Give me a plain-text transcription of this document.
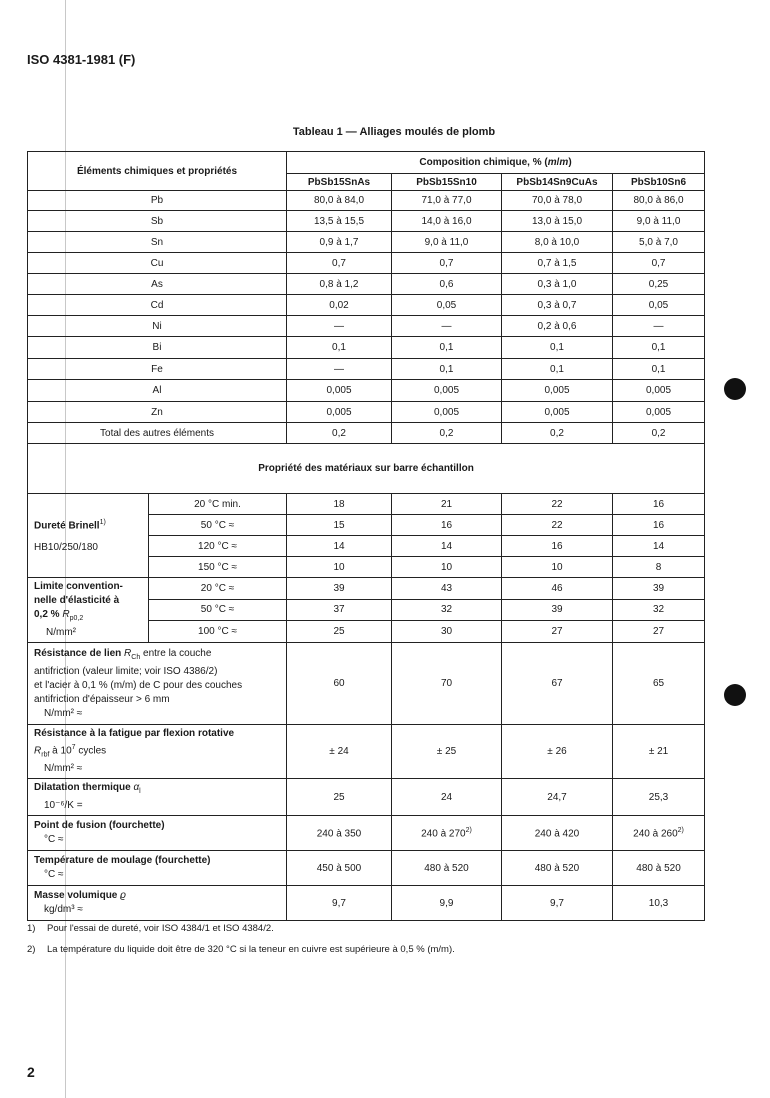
ISO 4381-1981 (F)
Tableau 1 — Alliages moulés de plomb
Éléments chimiques et propriétés		Composition chimique, % (m/m)			
		PbSb15SnAs	PbSb15Sn10	PbSb14Sn9CuAs	PbSb10Sn6
Pb		80,0 à 84,0	71,0 à 77,0	70,0 à 78,0	80,0 à 86,0
Sb		13,5 à 15,5	14,0 à 16,0	13,0 à 15,0	9,0 à 11,0
Sn		0,9 à 1,7	9,0 à 11,0	8,0 à 10,0	5,0 à 7,0
Cu		0,7	0,7	0,7 à 1,5	0,7
As		0,8 à 1,2	0,6	0,3 à 1,0	0,25
Cd		0,02	0,05	0,3 à 0,7	0,05
Ni		—	—	0,2 à 0,6	—
Bi		0,1	0,1	0,1	0,1
Fe		—	0,1	0,1	0,1
Al		0,005	0,005	0,005	0,005
Zn		0,005	0,005	0,005	0,005
Total des autres éléments		0,2	0,2	0,2	0,2
Propriété des matériaux sur barre échantillon					
Dureté Brinell$^{1)}$
HB10/250/180	20 °C min.	18	21	22	16
	50 °C ≈	15	16	22	16
	120 °C ≈	14	14	16	14
	150 °C ≈	10	10	10	8
Limite convention-
nelle d'élasticité à
0,2 % $R_{p0,2}$
N/mm²	20 °C ≈	39	43	46	39
	50 °C ≈	37	32	39	32
	100 °C ≈	25	30	27	27
Résistance de lien $R_{Ch}$ entre la couche
antifriction (valeur limite; voir ISO 4386/2)
et l'acier à 0,1 % (m/m) de C pour des couches
antifriction d'épaisseur > 6 mm
N/mm² ≈		60	70	67	65
Résistance à la fatigue par flexion rotative
$R_{rbf}$ à $10^7$ cycles
N/mm² ≈		± 24	± 25	± 26	± 21
Dilatation thermique $\alpha_l$
10⁻⁶/K =		25	24	24,7	25,3
Point de fusion (fourchette)
°C ≈		240 à 350	240 à 270$^{2)}$	240 à 420	240 à 260$^{2)}$
Température de moulage (fourchette)
°C ≈		450 à 500	480 à 520	480 à 520	480 à 520
Masse volumique ϱ
kg/dm³ ≈		9,7	9,9	9,7	10,3
1)	Pour l'essai de dureté, voir ISO 4384/1 et ISO 4384/2.
2)	La température du liquide doit être de 320 °C si la teneur en cuivre est supérieure à 0,5 % (m/m).
2
